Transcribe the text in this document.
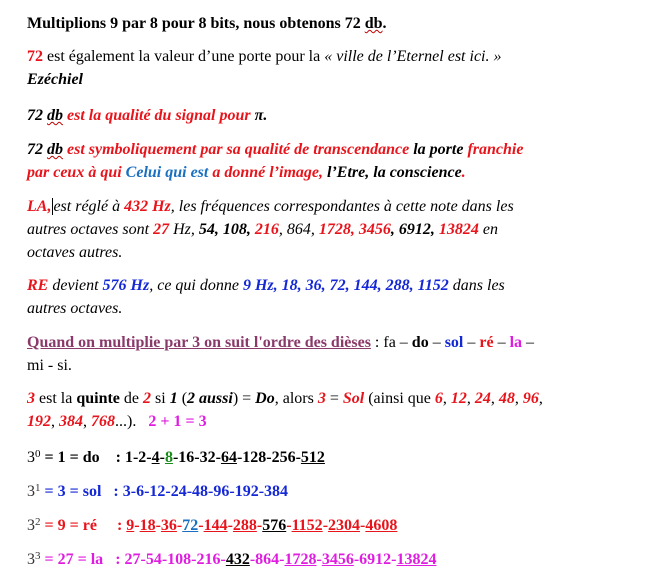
Multiplions 9 par 8 pour 8 bits, nous obtenons 72 db.
72 est également la valeur d’une porte pour la « ville de l’Eternel est ici. »
Ezéchiel
72 db est la qualité du signal pour π.
72 db est symboliquement par sa qualité de transcendance la porte franchie
par ceux à qui Celui qui est a donné l’image, l’Etre, la conscience.
LA, est réglé à 432 Hz, les fréquences correspondantes à cette note dans les
autres octaves sont 27 Hz, 54, 108, 216, 864, 1728, 3456, 6912, 13824 en
octaves autres.
RE devient 576 Hz, ce qui donne 9 Hz, 18, 36, 72, 144, 288, 1152 dans les
autres octaves.
Quand on multiplie par 3 on suit l'ordre des dièses : fa – do – sol – ré – la –
mi - si.
3 est la quinte de 2 si 1 (2 aussi) = Do, alors 3 = Sol (ainsi que 6, 12, 24, 48, 96,
192, 384, 768...).   2 + 1 = 3
$3^0 = 1$ = do    : 1-2-4-8-16-32-64-128-256-512
$3^1 = 3$ = sol   : 3-6-12-24-48-96-192-384
$3^2 = 9$ = ré     : 9-18-36-72-144-288-576-1152-2304-4608
$3^3 = 27$ = la   : 27-54-108-216-432-864-1728-3456-6912-13824
